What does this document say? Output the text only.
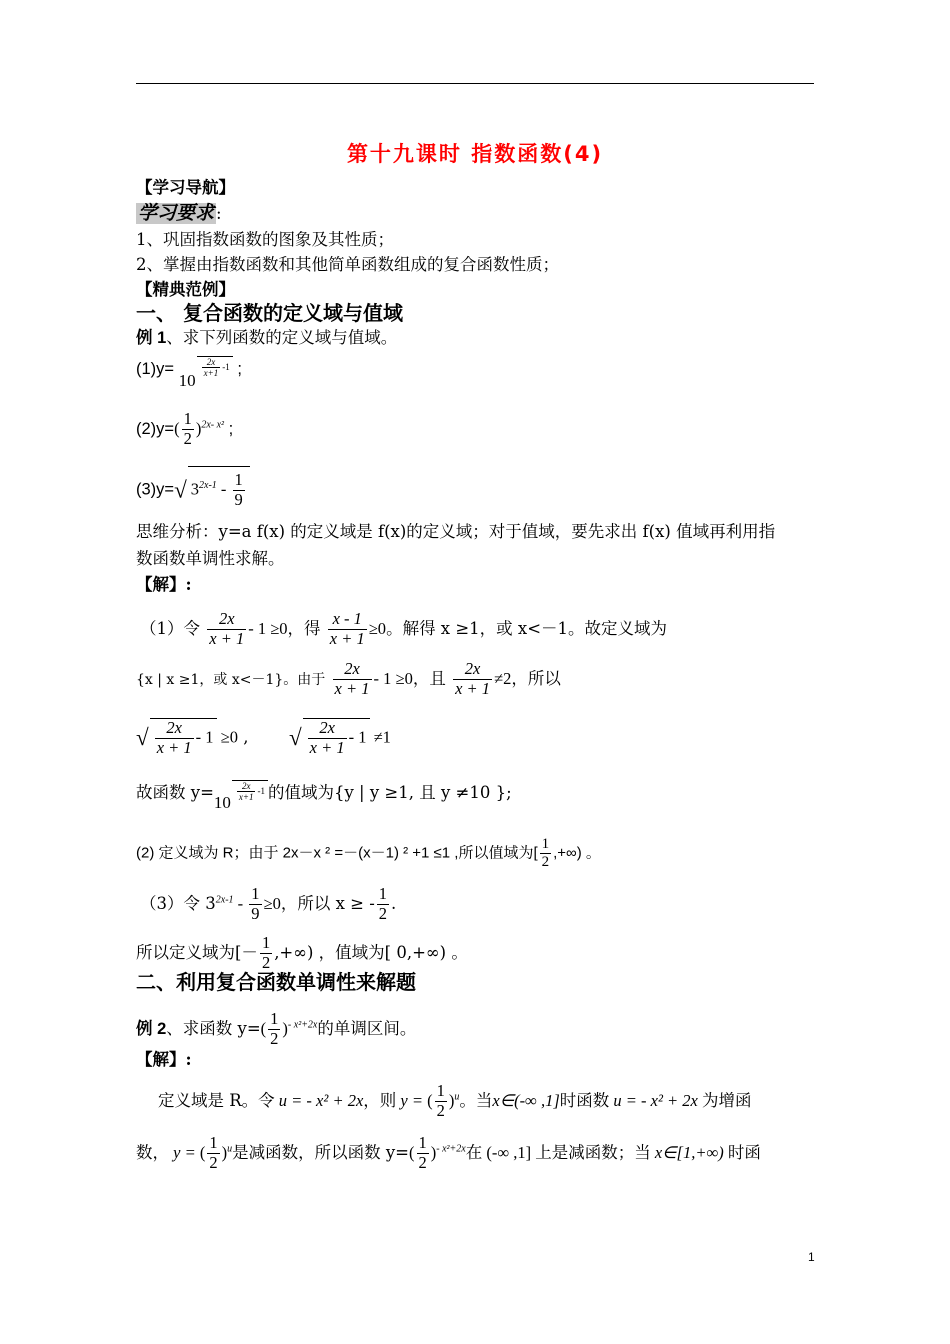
第十九课时 指数函数(4)
【学习导航】
学习要求 :
1、巩固指数函数的图象及其性质；
2、掌握由指数函数和其他简单函数组成的复合函数性质；
【精典范例】
一、 复合函数的定义域与值域
例 1、求下列函数的定义域与值域。
(1)y= 10
$\frac{2x}{x+1} -1$ ;
$(2)y=( \frac{1}{2} )^{2x- x^2}$ ;
(3)y=√ $3^{2x-1} - \frac{1}{9}$
思维分析：y=a f(x) 的定义域是 f(x)的定义域；对于值域，要先求出 f(x) 值域再利用指
数函数单调性求解。
【解】:
（1）令 $\frac{2x}{x + 1} - 1 \ge 0$，得 $\frac{x - 1}{x + 1} \ge 0$。解得 x ≥1，或 x<－1。故定义域为
{x | x ≥1，或 x<－1}。由于 $\frac{2x}{x + 1} - 1 \ge 0$，且 $\frac{2x}{x + 1} \ne 2$，所以
√ $\frac{2x}{x + 1} - 1 \ge 0$ ,  √ $\frac{2x}{x + 1} - 1 \ne 1$
故函数 $y=10 \frac{2x}{x+1} -1$ 的值域为{y | y ≥1, 且 y ≠10 };
(2) 定义域为 R；由于 2x－x ² =－(x－1) ² +1 ≤1 ,所以值域为[ $\frac{1}{2}$ ,+∞) 。
（3）令 $3^{2x-1} - \frac{1}{9} \ge 0$，所以 x ≥ - $\frac{1}{2}$ .
所以定义域为[－ $\frac{1}{2}$ ,+∞) ，值域为[ 0,+∞) 。
二、利用复合函数单调性来解题
例 2、求函数 $y=( \frac{1}{2} )^{- x^2+2x}$的单调区间。
【解】:
定义域是 R。令 u = - x² + 2x，则 y = ( $\frac{1}{2} )^u$。当x∈(-∞ ,1]时函数 u = - x² + 2x 为增函
数， y = ( $\frac{1}{2} )^u$是减函数，所以函数 $y=( \frac{1}{2} )^{- x^2+2x}$在 (-∞ ,1] 上是减函数；当 x∈[1,+∞) 时函
1
